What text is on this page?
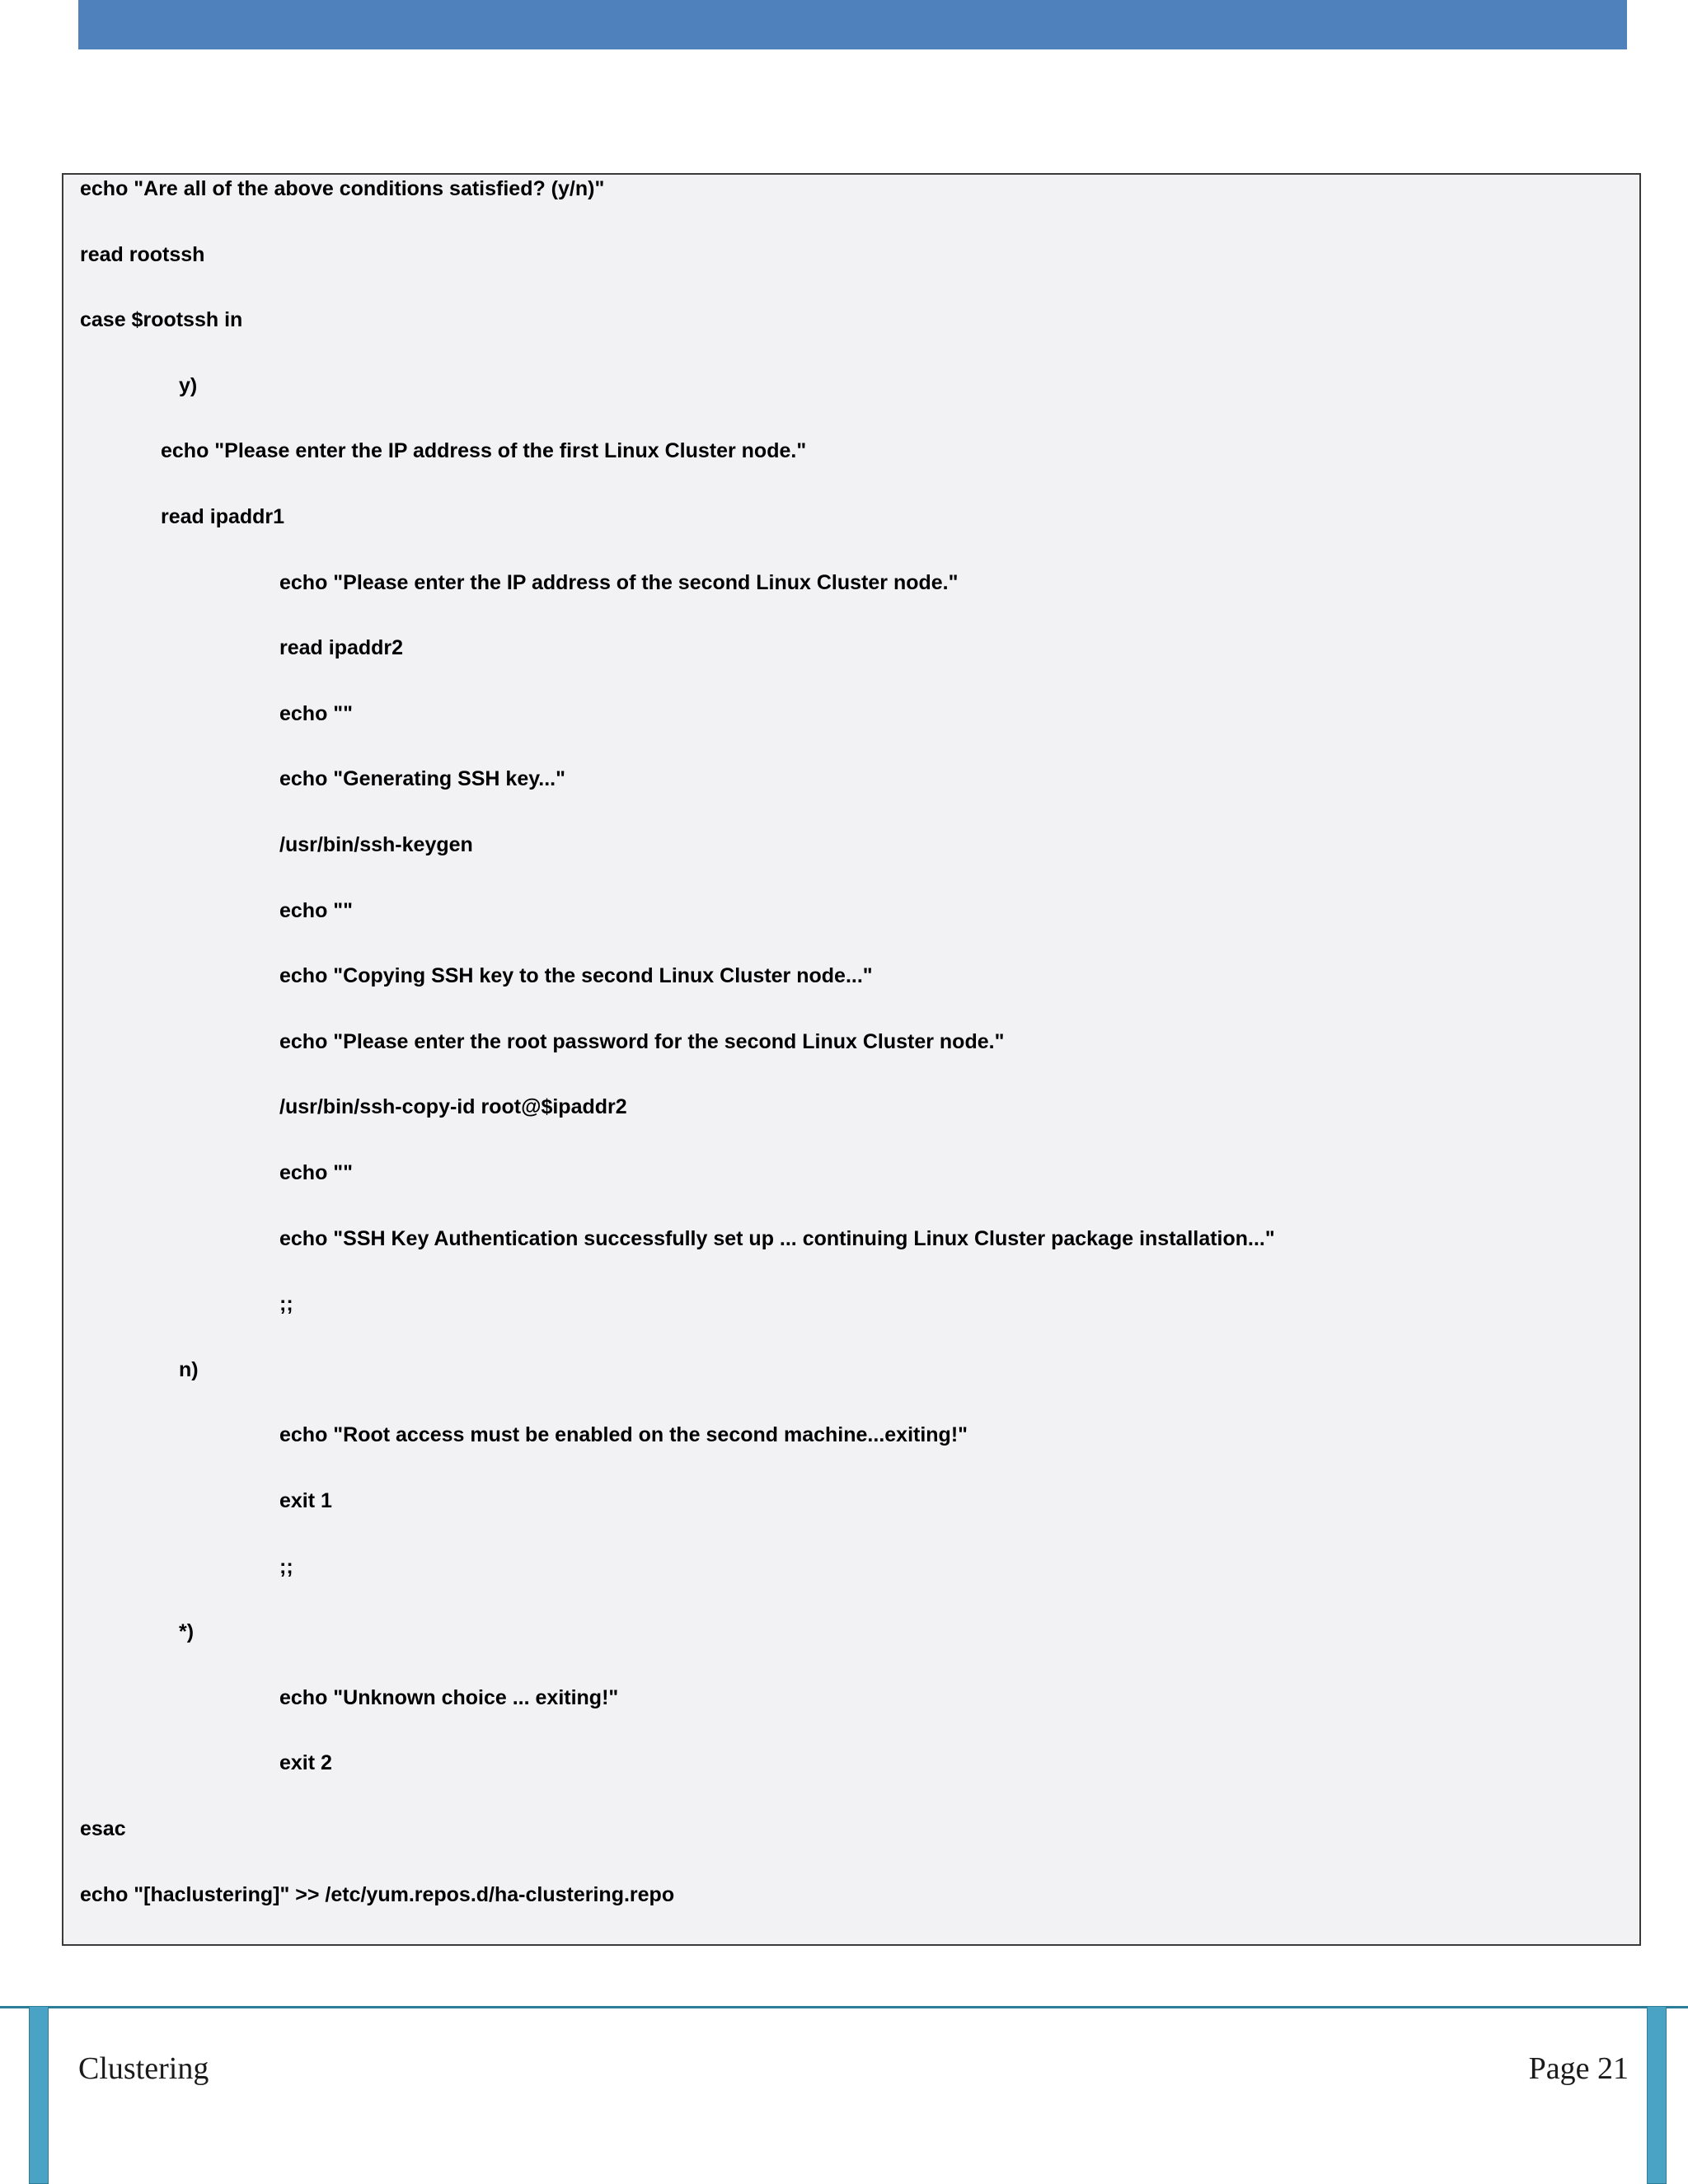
echo "Are all of the above conditions satisfied? (y/n)"
read rootssh
case $rootssh in
y)
echo "Please enter the IP address of the first Linux Cluster node."
read ipaddr1
echo "Please enter the IP address of the second Linux Cluster node."
read ipaddr2
echo ""
echo "Generating SSH key..."
/usr/bin/ssh-keygen
echo ""
echo "Copying SSH key to the second Linux Cluster node..."
echo "Please enter the root password for the second Linux Cluster node."
/usr/bin/ssh-copy-id root@$ipaddr2
echo ""
echo "SSH Key Authentication successfully set up ... continuing Linux Cluster package installation..."
;;
n)
echo "Root access must be enabled on the second machine...exiting!"
exit 1
;;
*)
echo "Unknown choice ... exiting!"
exit 2
esac
echo "[haclustering]" >> /etc/yum.repos.d/ha-clustering.repo
Clustering	Page 21
